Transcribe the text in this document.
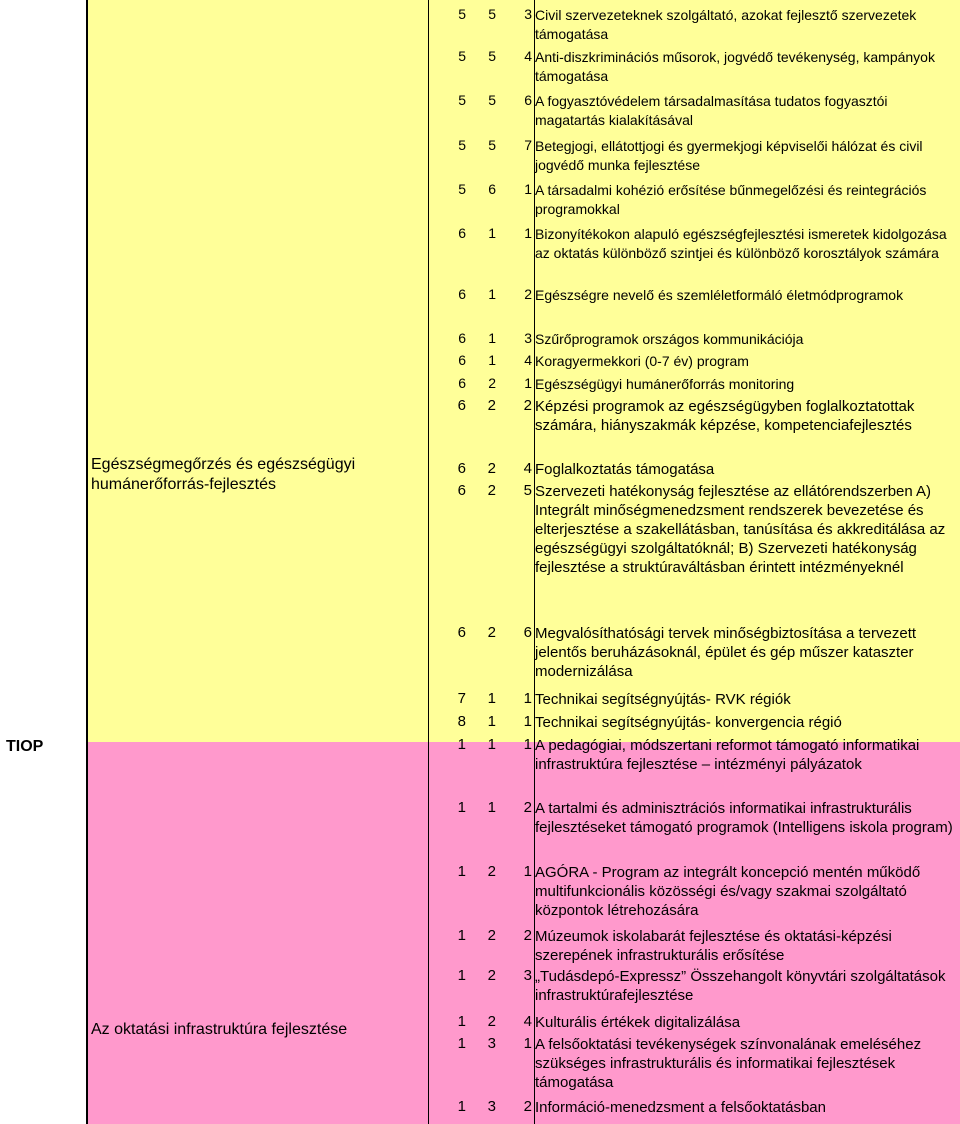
TIOP
Egészségmegőrzés és egészségügyi humánerőforrás-fejlesztés
Az oktatási infrastruktúra fejlesztése
5	5	3 Civil szervezeteknek szolgáltató, azokat fejlesztő szervezetek támogatása
5	5	4 Anti-diszkriminációs műsorok, jogvédő tevékenység, kampányok támogatása
5	5	6 A fogyasztóvédelem társadalmasítása tudatos fogyasztói magatartás kialakításával
5	5	7 Betegjogi, ellátottjogi és gyermekjogi képviselői hálózat és civil jogvédő munka fejlesztése
5	6	1 A társadalmi kohézió erősítése bűnmegelőzési és reintegrációs programokkal
6	1	1 Bizonyítékokon alapuló egészségfejlesztési ismeretek kidolgozása az oktatás különböző szintjei és különböző korosztályok számára
6	1	2 Egészségre nevelő és szemléletformáló életmódprogramok
6	1	3 Szűrőprogramok országos kommunikációja
6	1	4 Koragyermekkori (0-7 év) program
6	2	1 Egészségügyi humánerőforrás monitoring
6	2	2 Képzési programok az egészségügyben foglalkoztatottak számára, hiányszakmák képzése, kompetenciafejlesztés
6	2	4 Foglalkoztatás támogatása
6	2	5 Szervezeti hatékonyság fejlesztése az ellátórendszerben A) Integrált minőségmenedzsment rendszerek bevezetése és elterjesztése a szakellátásban, tanúsítása és akkreditálása az egészségügyi szolgáltatóknál; B) Szervezeti hatékonyság fejlesztése a struktúraváltásban érintett intézményeknél
6	2	6 Megvalósíthatósági tervek minőségbiztosítása a tervezett jelentős beruházásoknál, épület és gép műszer kataszter modernizálása
7	1	1 Technikai segítségnyújtás- RVK régiók
8	1	1 Technikai segítségnyújtás- konvergencia régió
1	1	1 A pedagógiai, módszertani reformot támogató informatikai infrastruktúra fejlesztése – intézményi pályázatok
1	1	2 A tartalmi és adminisztrációs informatikai infrastrukturális fejlesztéseket támogató programok (Intelligens iskola program)
1	2	1 AGÓRA - Program az integrált koncepció mentén működő multifunkcionális közösségi és/vagy szakmai szolgáltató központok létrehozására
1	2	2 Múzeumok iskolabarát fejlesztése és oktatási-képzési szerepének infrastrukturális erősítése
1	2	3 „Tudásdepó-Expressz” Összehangolt könyvtári szolgáltatások infrastruktúrafejlesztése
1	2	4 Kulturális értékek digitalizálása
1	3	1 A felsőoktatási tevékenységek színvonalának emeléséhez szükséges infrastrukturális és informatikai fejlesztések támogatása
1	3	2 Információ-menedzsment a felsőoktatásban
